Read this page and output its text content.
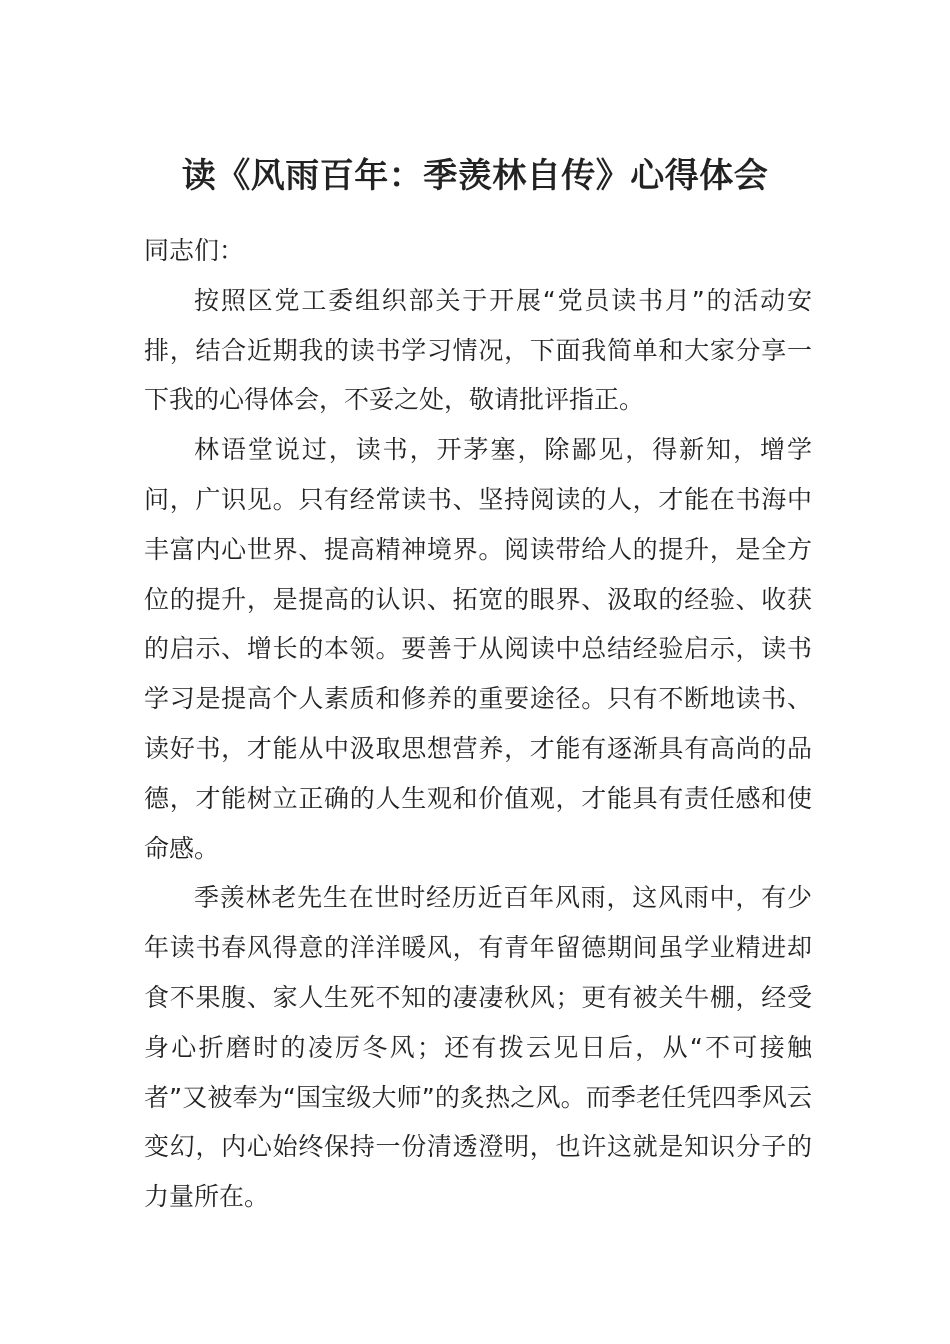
读《风雨百年：季羡林自传》心得体会

同志们：

按照区党工委组织部关于开展“党员读书月”的活动安排，结合近期我的读书学习情况，下面我简单和大家分享一下我的心得体会，不妥之处，敬请批评指正。

林语堂说过，读书，开茅塞，除鄙见，得新知，增学问，广识见。只有经常读书、坚持阅读的人，才能在书海中丰富内心世界、提高精神境界。阅读带给人的提升，是全方位的提升，是提高的认识、拓宽的眼界、汲取的经验、收获的启示、增长的本领。要善于从阅读中总结经验启示，读书学习是提高个人素质和修养的重要途径。只有不断地读书、读好书，才能从中汲取思想营养，才能有逐渐具有高尚的品德，才能树立正确的人生观和价值观，才能具有责任感和使命感。

季羡林老先生在世时经历近百年风雨，这风雨中，有少年读书春风得意的洋洋暖风，有青年留德期间虽学业精进却食不果腹、家人生死不知的凄凄秋风；更有被关牛棚，经受身心折磨时的凌厉冬风；还有拨云见日后，从“不可接触者”又被奉为“国宝级大师”的炙热之风。而季老任凭四季风云变幻，内心始终保持一份清透澄明，也许这就是知识分子的力量所在。
